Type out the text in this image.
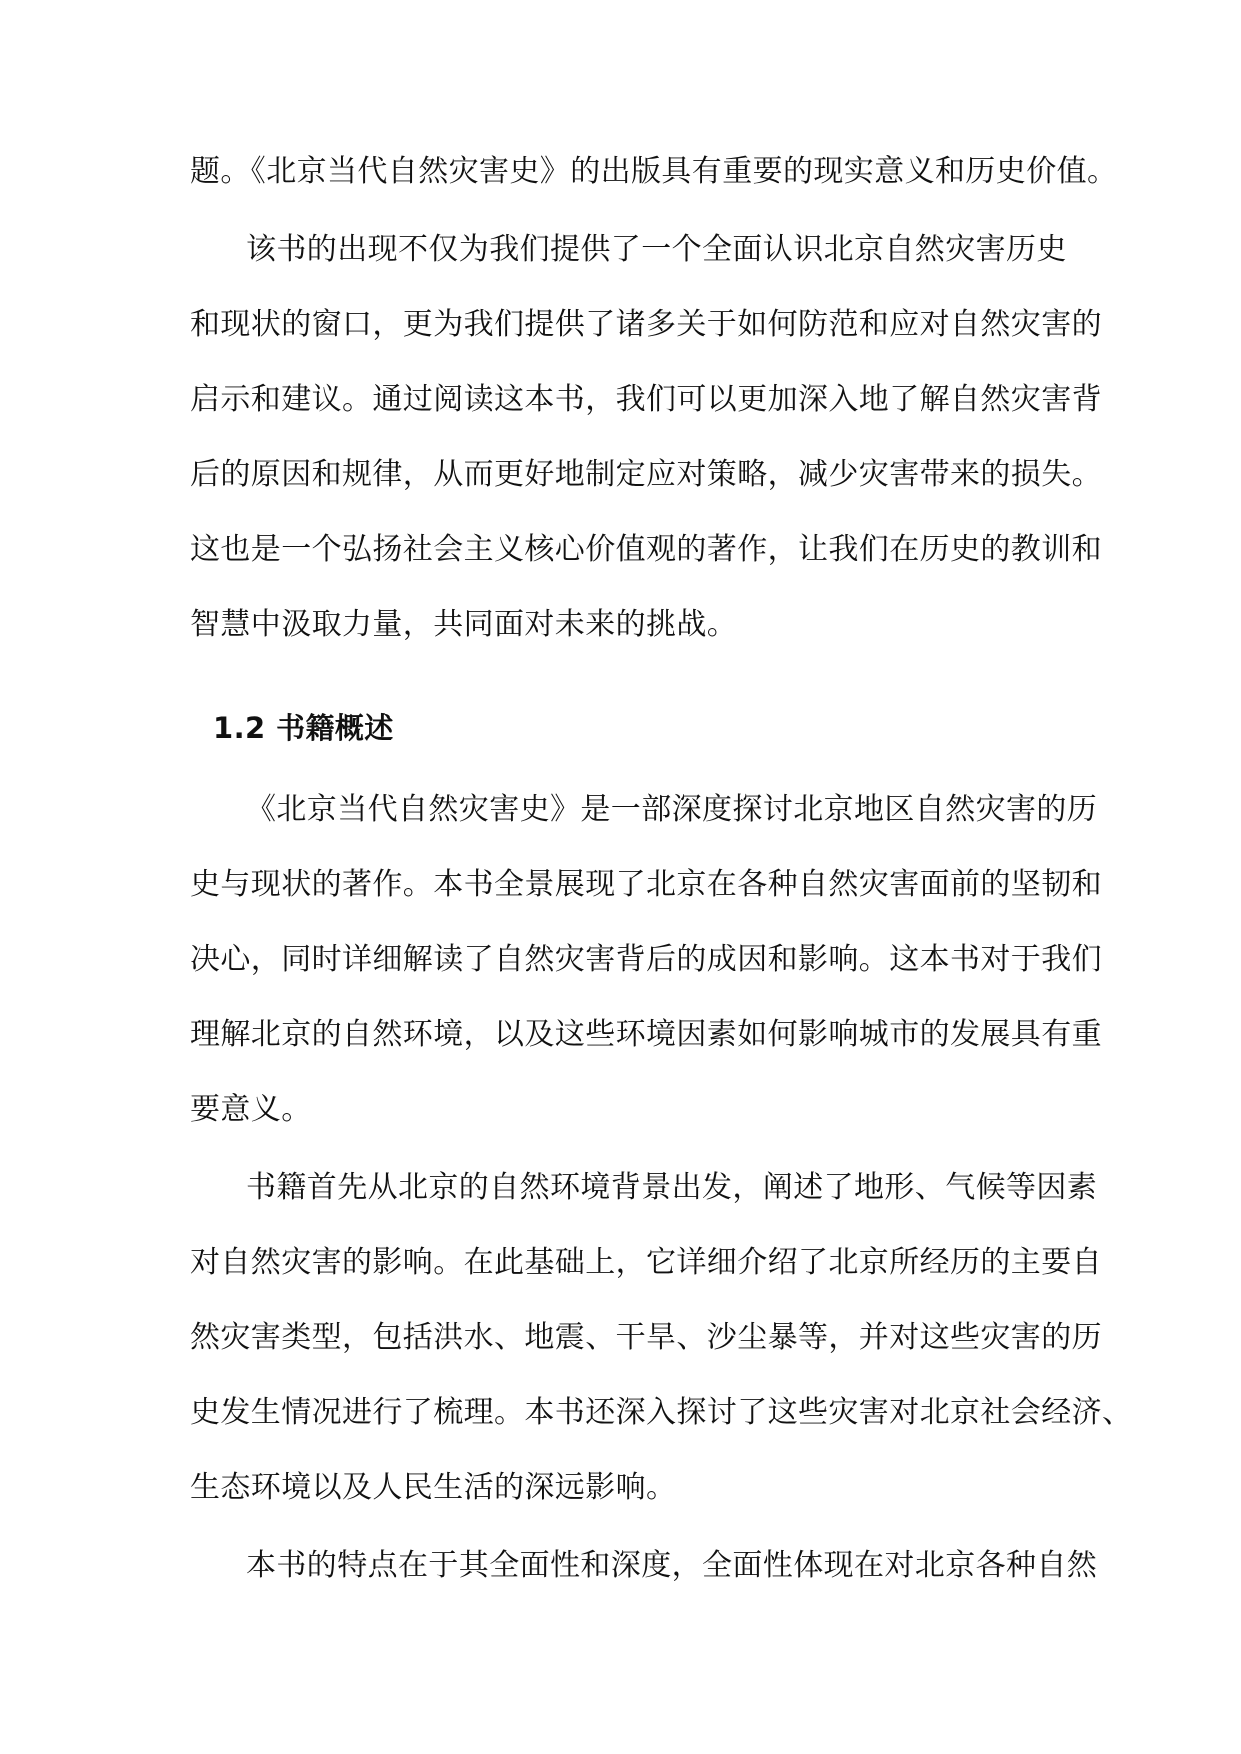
题。《北京当代自然灾害史》的出版具有重要的现实意义和历史价值。
该书的出现不仅为我们提供了一个全面认识北京自然灾害历史
和现状的窗口，更为我们提供了诸多关于如何防范和应对自然灾害的
启示和建议。通过阅读这本书，我们可以更加深入地了解自然灾害背
后的原因和规律，从而更好地制定应对策略，减少灾害带来的损失。
这也是一个弘扬社会主义核心价值观的著作，让我们在历史的教训和
智慧中汲取力量，共同面对未来的挑战。
1.2 书籍概述
《北京当代自然灾害史》是一部深度探讨北京地区自然灾害的历
史与现状的著作。本书全景展现了北京在各种自然灾害面前的坚韧和
决心，同时详细解读了自然灾害背后的成因和影响。这本书对于我们
理解北京的自然环境，以及这些环境因素如何影响城市的发展具有重
要意义。
书籍首先从北京的自然环境背景出发，阐述了地形、气候等因素
对自然灾害的影响。在此基础上，它详细介绍了北京所经历的主要自
然灾害类型，包括洪水、地震、干旱、沙尘暴等，并对这些灾害的历
史发生情况进行了梳理。本书还深入探讨了这些灾害对北京社会经济、
生态环境以及人民生活的深远影响。
本书的特点在于其全面性和深度，全面性体现在对北京各种自然
